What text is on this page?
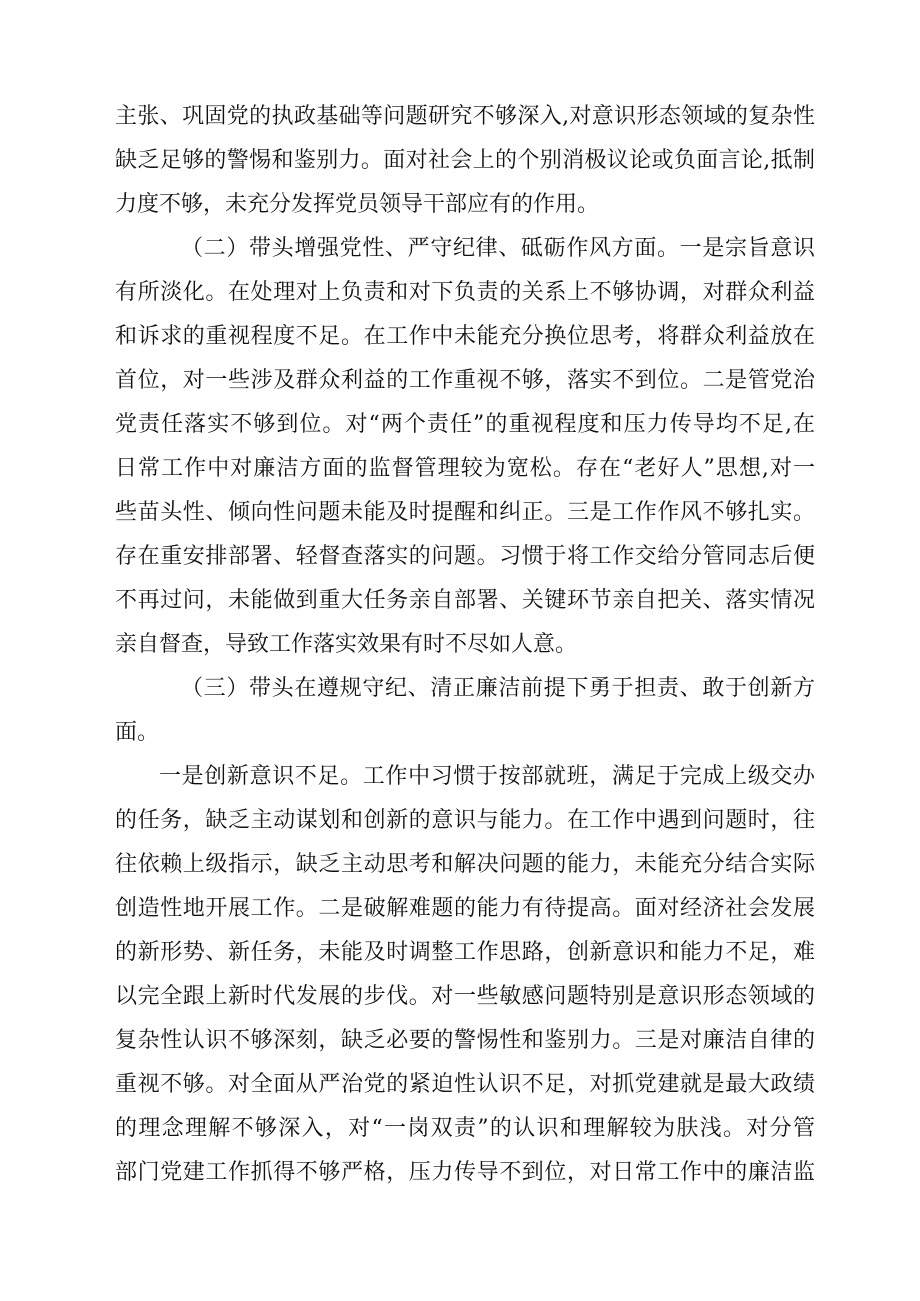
主张、巩固党的执政基础等问题研究不够深入,对意识形态领域的复杂性
缺乏足够的警惕和鉴别力。面对社会上的个别消极议论或负面言论,抵制
力度不够，未充分发挥党员领导干部应有的作用。
（二）带头增强党性、严守纪律、砥砺作风方面。一是宗旨意识
有所淡化。在处理对上负责和对下负责的关系上不够协调，对群众利益
和诉求的重视程度不足。在工作中未能充分换位思考，将群众利益放在
首位，对一些涉及群众利益的工作重视不够，落实不到位。二是管党治
党责任落实不够到位。对“两个责任”的重视程度和压力传导均不足,在
日常工作中对廉洁方面的监督管理较为宽松。存在“老好人”思想,对一
些苗头性、倾向性问题未能及时提醒和纠正。三是工作作风不够扎实。
存在重安排部署、轻督查落实的问题。习惯于将工作交给分管同志后便
不再过问，未能做到重大任务亲自部署、关键环节亲自把关、落实情况
亲自督查，导致工作落实效果有时不尽如人意。
（三）带头在遵规守纪、清正廉洁前提下勇于担责、敢于创新方
面。
一是创新意识不足。工作中习惯于按部就班，满足于完成上级交办
的任务，缺乏主动谋划和创新的意识与能力。在工作中遇到问题时，往
往依赖上级指示，缺乏主动思考和解决问题的能力，未能充分结合实际
创造性地开展工作。二是破解难题的能力有待提高。面对经济社会发展
的新形势、新任务，未能及时调整工作思路，创新意识和能力不足，难
以完全跟上新时代发展的步伐。对一些敏感问题特别是意识形态领域的
复杂性认识不够深刻，缺乏必要的警惕性和鉴别力。三是对廉洁自律的
重视不够。对全面从严治党的紧迫性认识不足，对抓党建就是最大政绩
的理念理解不够深入，对“一岗双责”的认识和理解较为肤浅。对分管
部门党建工作抓得不够严格，压力传导不到位，对日常工作中的廉洁监
